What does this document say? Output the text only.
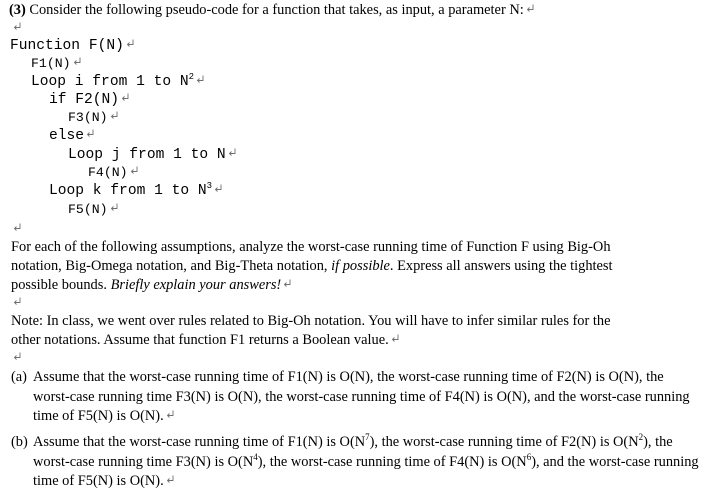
(3) Consider the following pseudo-code for a function that takes, as input, a parameter N:
Function F(N)
F1(N)
Loop i from 1 to $N^2$
if F2(N)
F3(N)
else
Loop j from 1 to N
F4(N)
Loop k from 1 to $N^3$
F5(N)
For each of the following assumptions, analyze the worst-case running time of Function F using Big-Oh
notation, Big-Omega notation, and Big-Theta notation, if possible. Express all answers using the tightest
possible bounds. Briefly explain your answers!
Note: In class, we went over rules related to Big-Oh notation. You will have to infer similar rules for the
other notations. Assume that function F1 returns a Boolean value.
(a) Assume that the worst-case running time of F1(N) is O(N), the worst-case running time of F2(N) is O(N), the worst-case running time F3(N) is O(N), the worst-case running time of F4(N) is O(N), and the worst-case running time of F5(N) is O(N).
(b) Assume that the worst-case running time of F1(N) is $O(N^7)$, the worst-case running time of F2(N) is $O(N^2)$, the worst-case running time F3(N) is $O(N^4)$, the worst-case running time of F4(N) is $O(N^6)$, and the worst-case running time of F5(N) is O(N).
